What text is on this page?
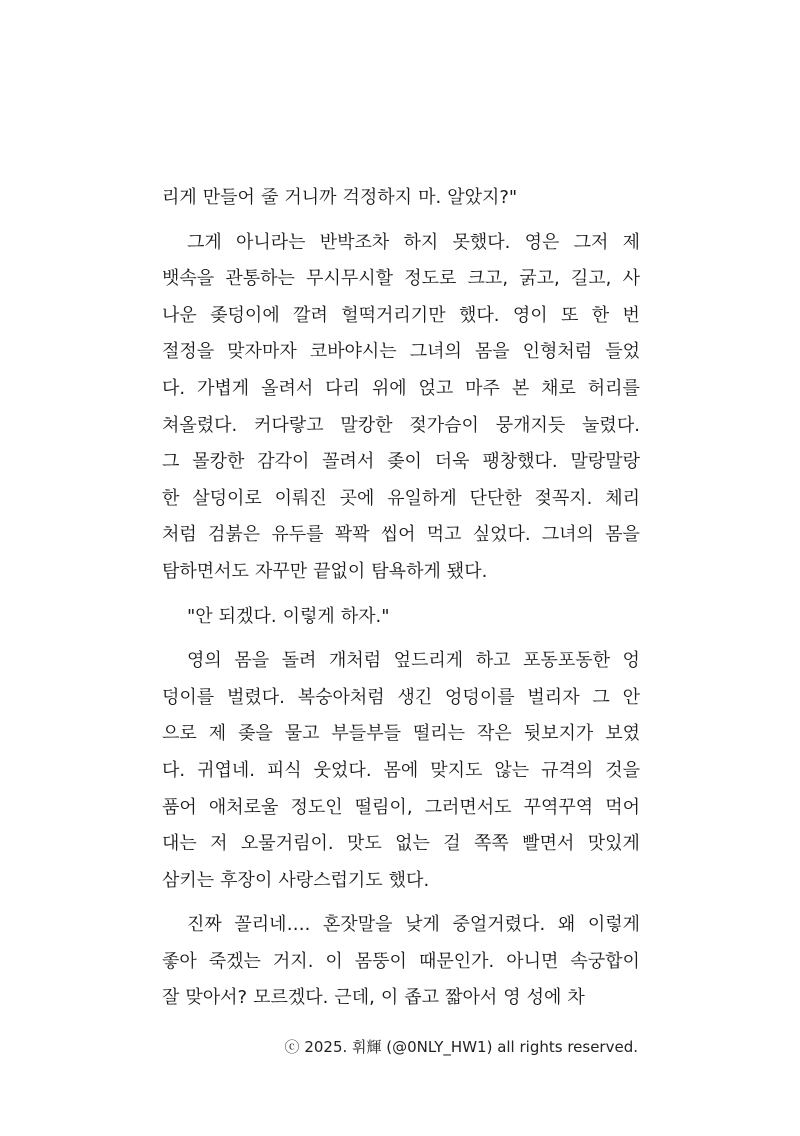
리게 만들어 줄 거니까 걱정하지 마. 알았지?"
그게 아니라는 반박조차 하지 못했다. 영은 그저 제
뱃속을 관통하는 무시무시할 정도로 크고, 굵고, 길고, 사
나운 좆덩이에 깔려 헐떡거리기만 했다. 영이 또 한 번
절정을 맞자마자 코바야시는 그녀의 몸을 인형처럼 들었
다. 가볍게 올려서 다리 위에 얹고 마주 본 채로 허리를
쳐올렸다. 커다랗고 말캉한 젖가슴이 뭉개지듯 눌렸다.
그 몰캉한 감각이 꼴려서 좆이 더욱 팽창했다. 말랑말랑
한 살덩이로 이뤄진 곳에 유일하게 단단한 젖꼭지. 체리
처럼 검붉은 유두를 꽉꽉 씹어 먹고 싶었다. 그녀의 몸을
탐하면서도 자꾸만 끝없이 탐욕하게 됐다.
"안 되겠다. 이렇게 하자."
영의 몸을 돌려 개처럼 엎드리게 하고 포동포동한 엉
덩이를 벌렸다. 복숭아처럼 생긴 엉덩이를 벌리자 그 안
으로 제 좆을 물고 부들부들 떨리는 작은 뒷보지가 보였
다. 귀엽네. 피식 웃었다. 몸에 맞지도 않는 규격의 것을
품어 애처로울 정도인 떨림이, 그러면서도 꾸역꾸역 먹어
대는 저 오물거림이. 맛도 없는 걸 쪽쪽 빨면서 맛있게
삼키는 후장이 사랑스럽기도 했다.
진짜 꼴리네…. 혼잣말을 낮게 중얼거렸다. 왜 이렇게
좋아 죽겠는 거지. 이 몸뚱이 때문인가. 아니면 속궁합이
잘 맞아서? 모르겠다. 근데, 이 좁고 짧아서 영 성에 차
ⓒ 2025. 휘輝 (@0NLY_HW1) all rights reserved.
